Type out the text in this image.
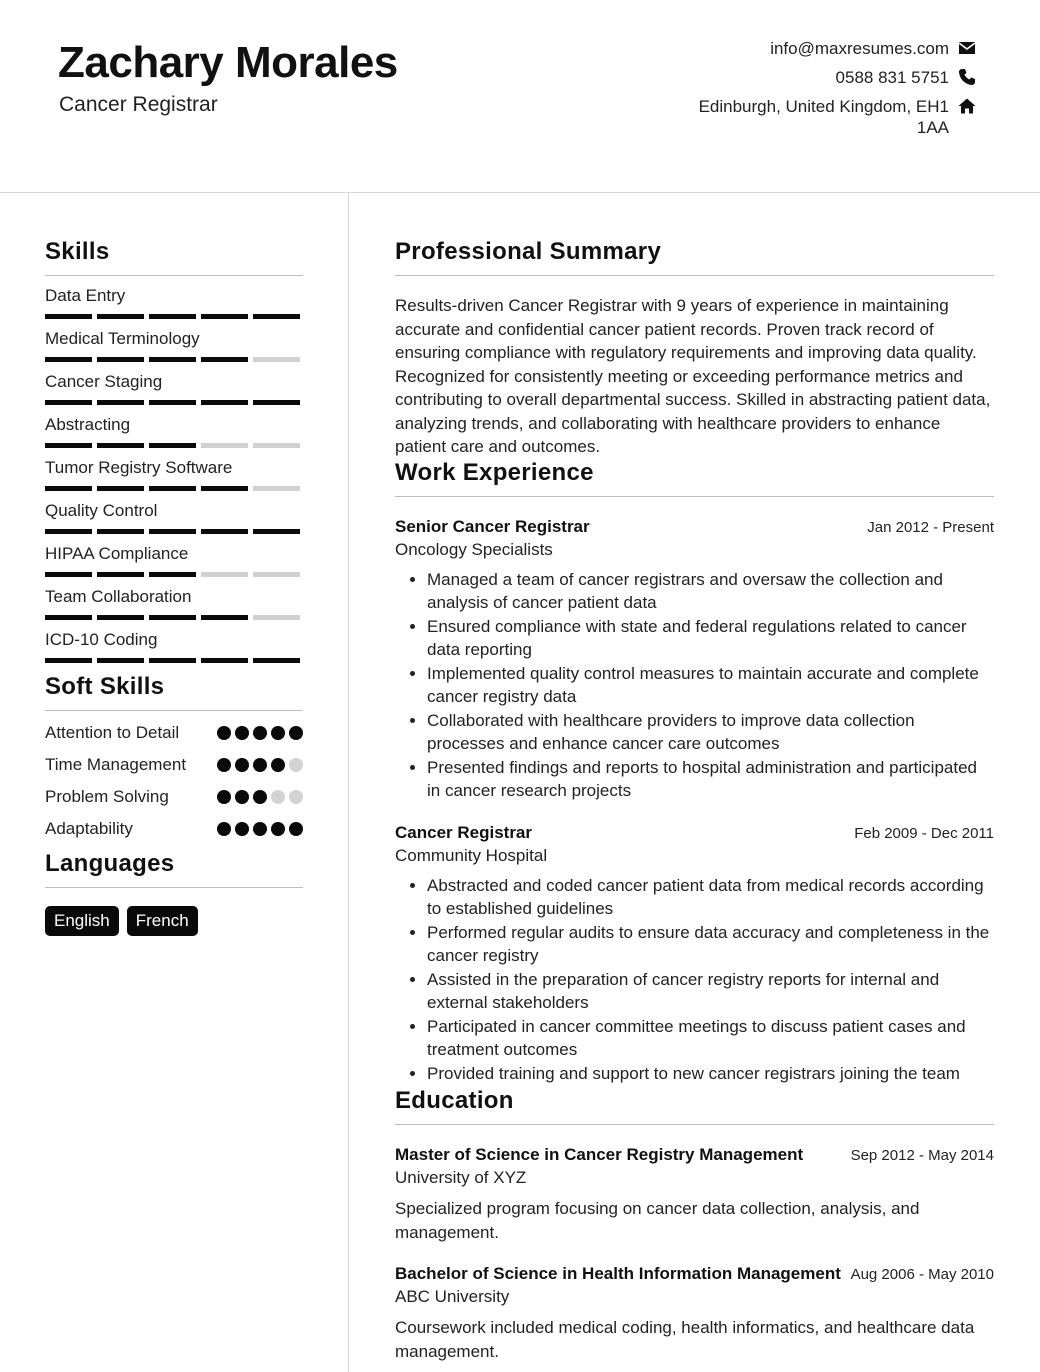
Zachary Morales
Cancer Registrar
info@maxresumes.com
0588 831 5751
Edinburgh, United Kingdom, EH1 1AA
Skills
Data Entry
Medical Terminology
Cancer Staging
Abstracting
Tumor Registry Software
Quality Control
HIPAA Compliance
Team Collaboration
ICD-10 Coding
Soft Skills
Attention to Detail
Time Management
Problem Solving
Adaptability
Languages
English	French
Professional Summary
Results-driven Cancer Registrar with 9 years of experience in maintaining accurate and confidential cancer patient records. Proven track record of ensuring compliance with regulatory requirements and improving data quality. Recognized for consistently meeting or exceeding performance metrics and contributing to overall departmental success. Skilled in abstracting patient data, analyzing trends, and collaborating with healthcare providers to enhance patient care and outcomes.
Work Experience
Senior Cancer Registrar	Jan 2012 - Present
Oncology Specialists
• Managed a team of cancer registrars and oversaw the collection and analysis of cancer patient data
• Ensured compliance with state and federal regulations related to cancer data reporting
• Implemented quality control measures to maintain accurate and complete cancer registry data
• Collaborated with healthcare providers to improve data collection processes and enhance cancer care outcomes
• Presented findings and reports to hospital administration and participated in cancer research projects
Cancer Registrar	Feb 2009 - Dec 2011
Community Hospital
• Abstracted and coded cancer patient data from medical records according to established guidelines
• Performed regular audits to ensure data accuracy and completeness in the cancer registry
• Assisted in the preparation of cancer registry reports for internal and external stakeholders
• Participated in cancer committee meetings to discuss patient cases and treatment outcomes
• Provided training and support to new cancer registrars joining the team
Education
Master of Science in Cancer Registry Management	Sep 2012 - May 2014
University of XYZ
Specialized program focusing on cancer data collection, analysis, and management.
Bachelor of Science in Health Information Management Aug 2006 - May 2010
ABC University
Coursework included medical coding, health informatics, and healthcare data management.
